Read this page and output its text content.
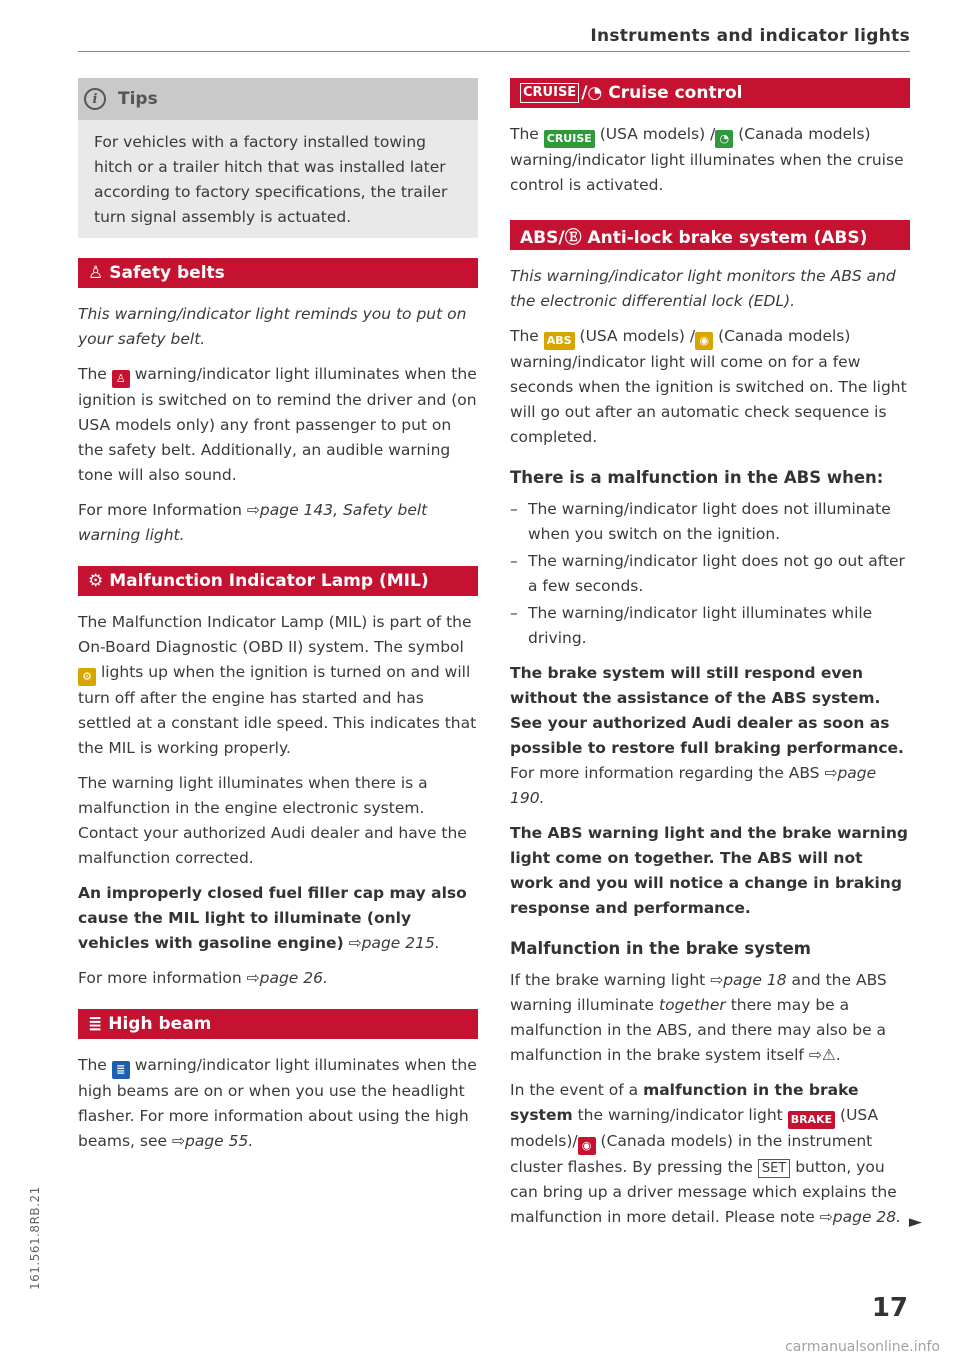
Instruments and indicator lights
i	Tips

For vehicles with a factory installed towing hitch or a trailer hitch that was installed later according to factory specifications, the trailer turn signal assembly is actuated.

♙ Safety belts

This warning/indicator light reminds you to put on your safety belt.

The ♙ warning/indicator light illuminates when the ignition is switched on to remind the driver and (on USA models only) any front passenger to put on the safety belt. Additionally, an audible warning tone will also sound.

For more Information ⇨page 143, Safety belt warning light.

⚙ Malfunction Indicator Lamp (MIL)

The Malfunction Indicator Lamp (MIL) is part of the On-Board Diagnostic (OBD II) system. The symbol ⚙ lights up when the ignition is turned on and will turn off after the engine has started and has settled at a constant idle speed. This indicates that the MIL is working properly.

The warning light illuminates when there is a malfunction in the engine electronic system. Contact your authorized Audi dealer and have the malfunction corrected.

An improperly closed fuel filler cap may also cause the MIL light to illuminate (only vehicles with gasoline engine) ⇨page 215.

For more information ⇨page 26.

≣ High beam

The ≣ warning/indicator light illuminates when the high beams are on or when you use the headlight flasher. For more information about using the high beams, see ⇨page 55.

CRUISE /◔ Cruise control

The CRUISE (USA models) / ◔ (Canada models) warning/indicator light illuminates when the cruise control is activated.

ABS/Ⓔ Anti-lock brake system (ABS)

This warning/indicator light monitors the ABS and the electronic differential lock (EDL).

The ABS (USA models) / ◉ (Canada models) warning/indicator light will come on for a few seconds when the ignition is switched on. The light will go out after an automatic check sequence is completed.

There is a malfunction in the ABS when:
– The warning/indicator light does not illuminate when you switch on the ignition.
– The warning/indicator light does not go out after a few seconds.
– The warning/indicator light illuminates while driving.

The brake system will still respond even without the assistance of the ABS system. See your authorized Audi dealer as soon as possible to restore full braking performance. For more information regarding the ABS ⇨page 190.

The ABS warning light and the brake warning light come on together. The ABS will not work and you will notice a change in braking response and performance.

Malfunction in the brake system

If the brake warning light ⇨page 18 and the ABS warning illuminate together there may be a malfunction in the ABS, and there may also be a malfunction in the brake system itself ⇨⚠.

In the event of a malfunction in the brake system the warning/indicator light BRAKE (USA models)/ ◉ (Canada models) in the instrument cluster flashes. By pressing the SET button, you can bring up a driver message which explains the malfunction in more detail. Please note ⇨page 28. ►
17
161.561.8RB.21
carmanualsonline.info
